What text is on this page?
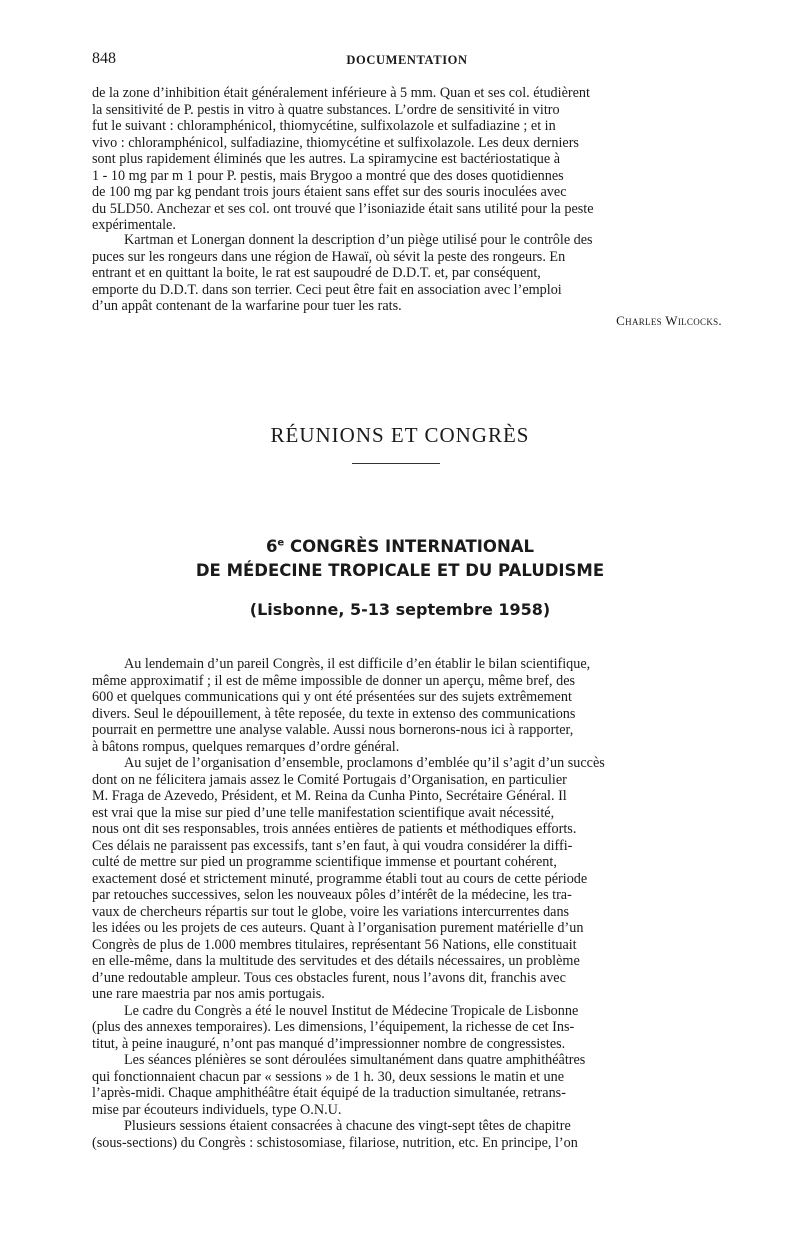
848	DOCUMENTATION
de la zone d’inhibition était généralement inférieure à 5 mm. Quan et ses col. étudièrent
la sensitivité de P. pestis in vitro à quatre substances. L’ordre de sensitivité in vitro
fut le suivant : chloramphénicol, thiomycétine, sulfixolazole et sulfadiazine ; et in
vivo : chloramphénicol, sulfadiazine, thiomycétine et sulfixolazole. Les deux derniers
sont plus rapidement éliminés que les autres. La spiramycine est bactériostatique à
1 - 10 mg par m 1 pour P. pestis, mais Brygoo a montré que des doses quotidiennes
de 100 mg par kg pendant trois jours étaient sans effet sur des souris inoculées avec
du 5LD50. Anchezar et ses col. ont trouvé que l’isoniazide était sans utilité pour la peste
expérimentale.
Kartman et Lonergan donnent la description d’un piège utilisé pour le contrôle des
puces sur les rongeurs dans une région de Hawaï, où sévit la peste des rongeurs. En
entrant et en quittant la boite, le rat est saupoudré de D.D.T. et, par conséquent,
emporte du D.D.T. dans son terrier. Ceci peut être fait en association avec l’emploi
d’un appât contenant de la warfarine pour tuer les rats.
Charles Wilcocks.
RÉUNIONS ET CONGRÈS
6e CONGRÈS INTERNATIONAL
DE MÉDECINE TROPICALE ET DU PALUDISME
(Lisbonne, 5-13 septembre 1958)
Au lendemain d’un pareil Congrès, il est difficile d’en établir le bilan scientifique,
même approximatif ; il est de même impossible de donner un aperçu, même bref, des
600 et quelques communications qui y ont été présentées sur des sujets extrêmement
divers. Seul le dépouillement, à tête reposée, du texte in extenso des communications
pourrait en permettre une analyse valable. Aussi nous bornerons-nous ici à rapporter,
à bâtons rompus, quelques remarques d’ordre général.
Au sujet de l’organisation d’ensemble, proclamons d’emblée qu’il s’agit d’un succès
dont on ne félicitera jamais assez le Comité Portugais d’Organisation, en particulier
M. Fraga de Azevedo, Président, et M. Reina da Cunha Pinto, Secrétaire Général. Il
est vrai que la mise sur pied d’une telle manifestation scientifique avait nécessité,
nous ont dit ses responsables, trois années entières de patients et méthodiques efforts.
Ces délais ne paraissent pas excessifs, tant s’en faut, à qui voudra considérer la diffi-
culté de mettre sur pied un programme scientifique immense et pourtant cohérent,
exactement dosé et strictement minuté, programme établi tout au cours de cette période
par retouches successives, selon les nouveaux pôles d’intérêt de la médecine, les tra-
vaux de chercheurs répartis sur tout le globe, voire les variations intercurrentes dans
les idées ou les projets de ces auteurs. Quant à l’organisation purement matérielle d’un
Congrès de plus de 1.000 membres titulaires, représentant 56 Nations, elle constituait
en elle-même, dans la multitude des servitudes et des détails nécessaires, un problème
d’une redoutable ampleur. Tous ces obstacles furent, nous l’avons dit, franchis avec
une rare maestria par nos amis portugais.
Le cadre du Congrès a été le nouvel Institut de Médecine Tropicale de Lisbonne
(plus des annexes temporaires). Les dimensions, l’équipement, la richesse de cet Ins-
titut, à peine inauguré, n’ont pas manqué d’impressionner nombre de congressistes.
Les séances plénières se sont déroulées simultanément dans quatre amphithéâtres
qui fonctionnaient chacun par « sessions » de 1 h. 30, deux sessions le matin et une
l’après-midi. Chaque amphithéâtre était équipé de la traduction simultanée, retrans-
mise par écouteurs individuels, type O.N.U.
Plusieurs sessions étaient consacrées à chacune des vingt-sept têtes de chapitre
(sous-sections) du Congrès : schistosomiase, filariose, nutrition, etc. En principe, l’on
